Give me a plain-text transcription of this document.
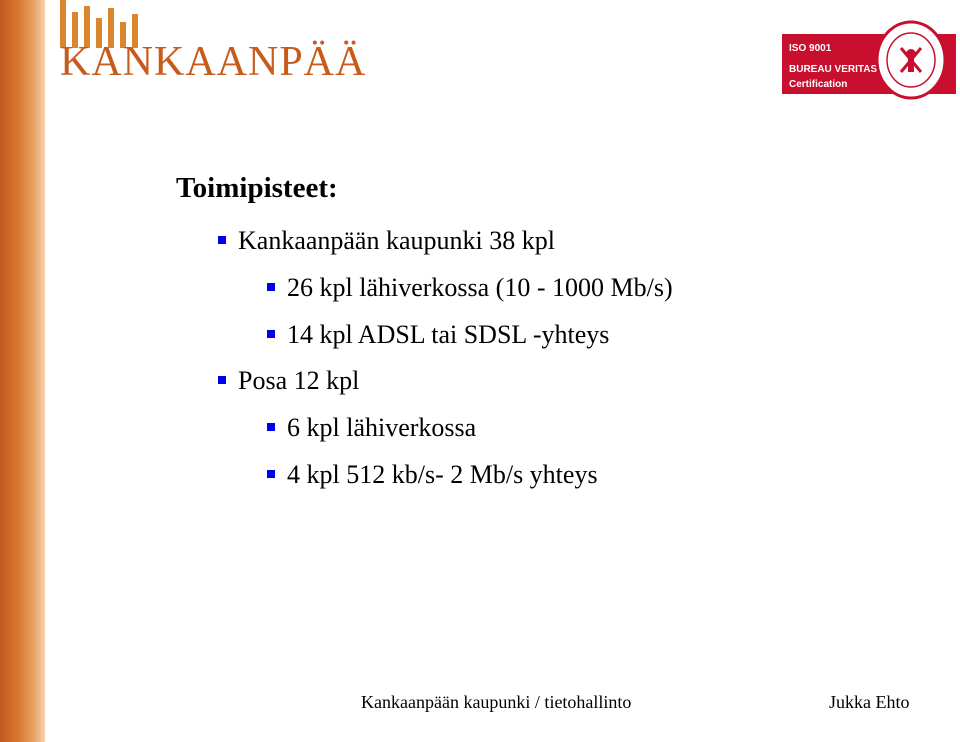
KANKAANPÄÄ	ISO 9001
BUREAU VERITAS
Certification
Toimipisteet:
Kankaanpään kaupunki 38 kpl
26 kpl lähiverkossa (10 - 1000 Mb/s)
14 kpl ADSL tai SDSL -yhteys
Posa 12 kpl
6 kpl lähiverkossa
4 kpl 512 kb/s- 2 Mb/s yhteys
Kankaanpään kaupunki / tietohallinto	Jukka Ehto
